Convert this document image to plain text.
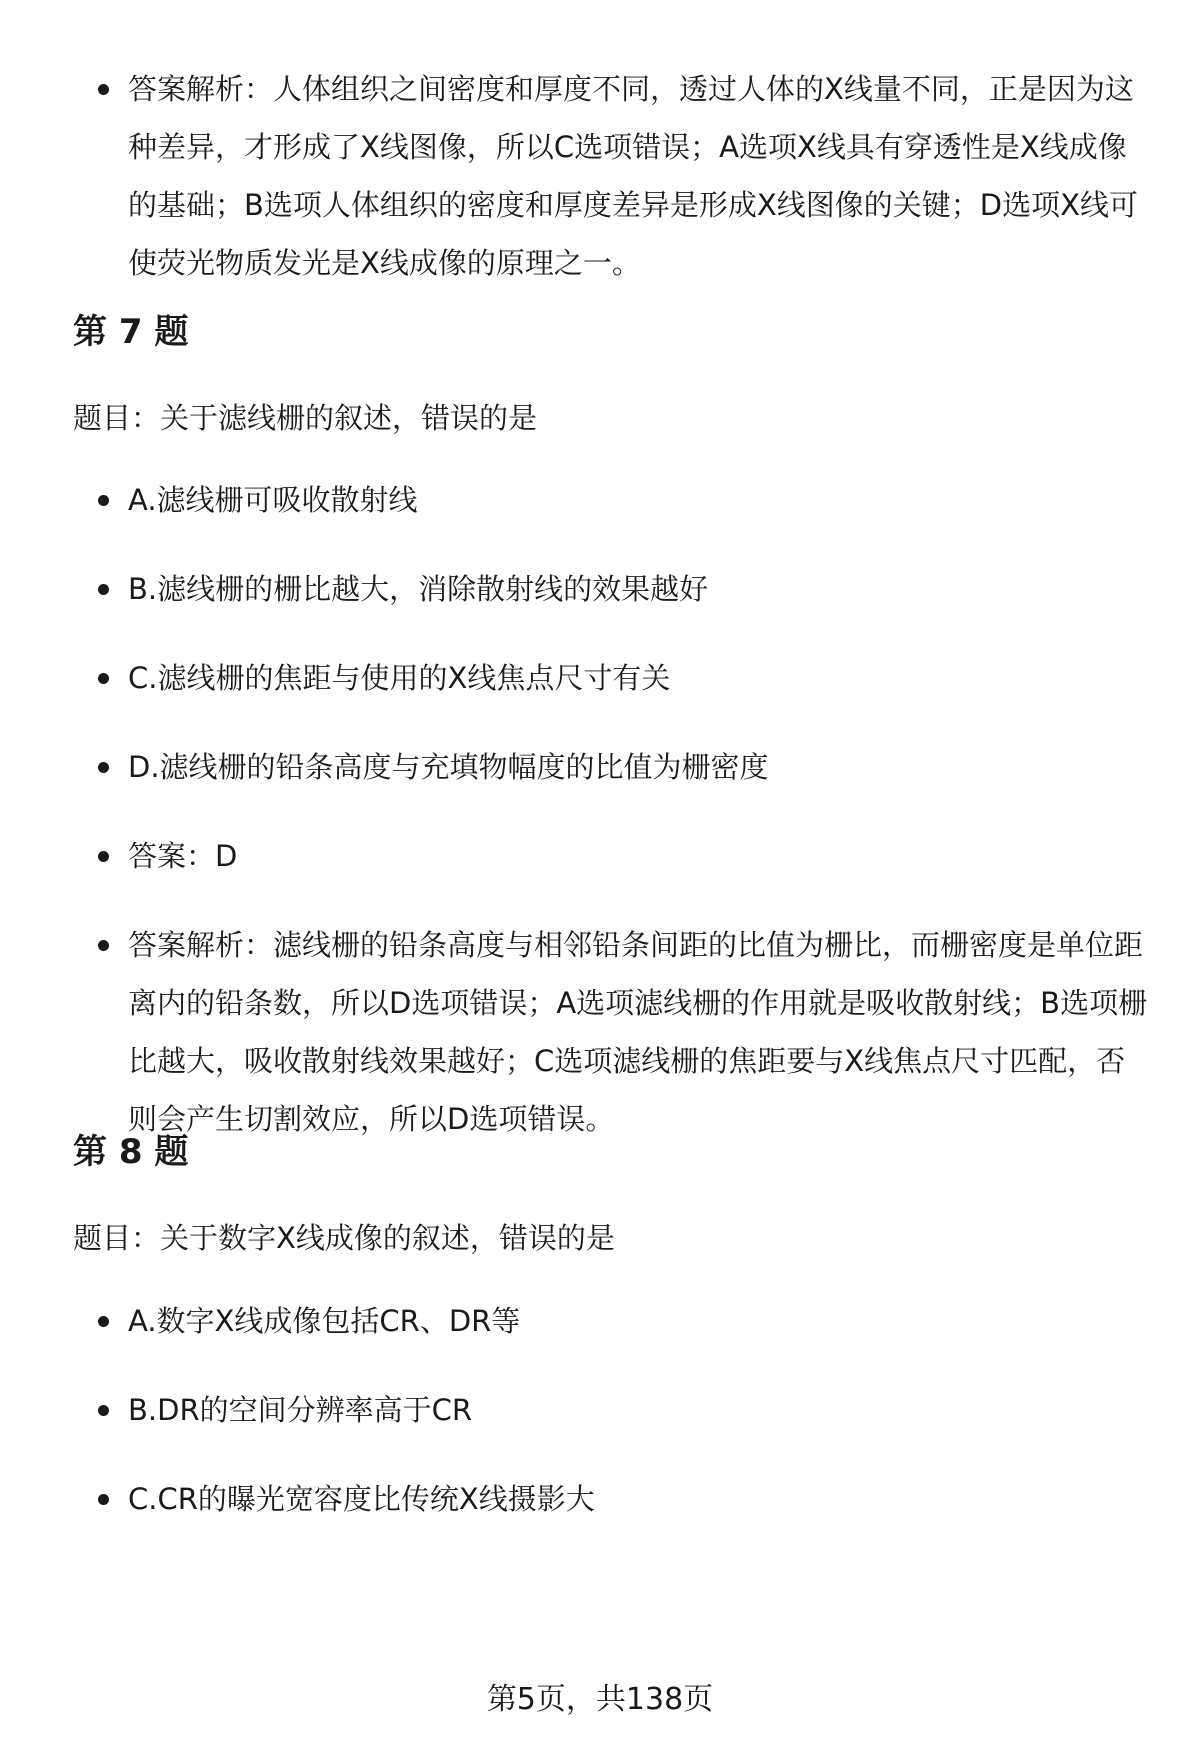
答案解析：人体组织之间密度和厚度不同，透过人体的X线量不同，正是因为这种差异，才形成了X线图像，所以C选项错误；A选项X线具有穿透性是X线成像的基础；B选项人体组织的密度和厚度差异是形成X线图像的关键；D选项X线可使荧光物质发光是X线成像的原理之一。
第 7 题
题目：关于滤线栅的叙述，错误的是
A.滤线栅可吸收散射线
B.滤线栅的栅比越大，消除散射线的效果越好
C.滤线栅的焦距与使用的X线焦点尺寸有关
D.滤线栅的铅条高度与充填物幅度的比值为栅密度
答案：D
答案解析：滤线栅的铅条高度与相邻铅条间距的比值为栅比，而栅密度是单位距离内的铅条数，所以D选项错误；A选项滤线栅的作用就是吸收散射线；B选项栅比越大，吸收散射线效果越好；C选项滤线栅的焦距要与X线焦点尺寸匹配，否则会产生切割效应，所以D选项错误。
第 8 题
题目：关于数字X线成像的叙述，错误的是
A.数字X线成像包括CR、DR等
B.DR的空间分辨率高于CR
C.CR的曝光宽容度比传统X线摄影大
第5页，共138页
